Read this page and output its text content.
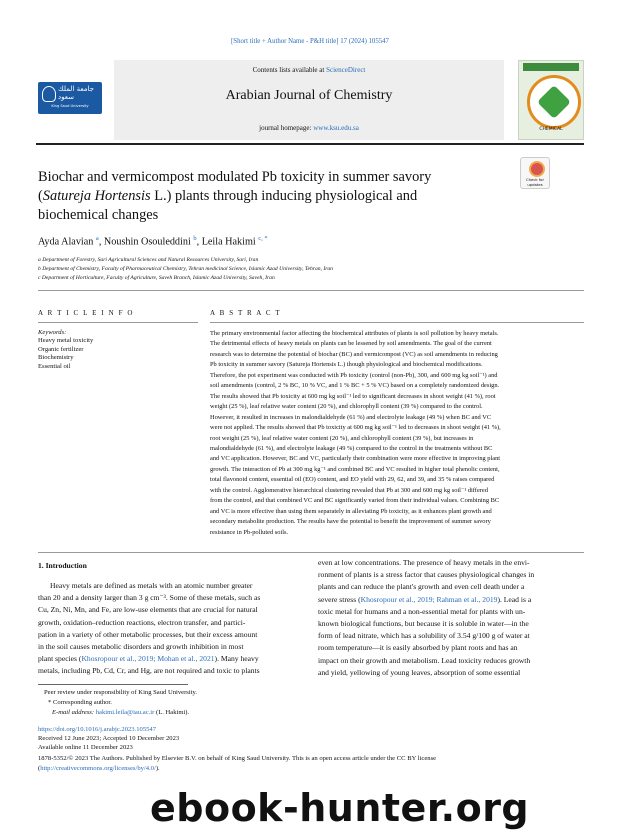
[Short title + Author Name - P&H title] 17 (2024) 105547
Contents lists available at ScienceDirect
Arabian Journal of Chemistry
journal homepage: www.ksu.edu.sa
جامعة الملك سعود
King Saud University
CHEMICAL
Check for
updates
Biochar and vermicompost modulated Pb toxicity in summer savory
(Satureja Hortensis L.) plants through inducing physiological and
biochemical changes
Ayda Alavian $^a$, Noushin Osouleddini $^b$, Leila Hakimi $^{c, *}$
a Department of Forestry, Sari Agricultural Sciences and Natural Resources University, Sari, Iran
b Department of Chemistry, Faculty of Pharmaceutical Chemistry, Tehran medicinal Science, Islamic Azad University, Tehran, Iran
c Department of Horticulture, Faculty of Agriculture, Saveh Branch, Islamic Azad University, Saveh, Iran
A R T I C L E I N F O
Keywords:
Heavy metal toxicity
Organic fertilizer
Biochemistry
Essential oil
A B S T R A C T
The primary environmental factor affecting the biochemical attributes of plants is soil pollution by heavy metals.
The detrimental effects of heavy metals on plants can be lessened by soil amendments. The goal of the current
research was to determine the potential of biochar (BC) and vermicompost (VC) as soil amendments in reducing
Pb toxicity in summer savory (Satureja Hortensis L.) though physiological and biochemical modifications.
Therefore, the pot experiment was conducted with Pb toxicity (control (non-Pb), 300, and 600 mg kg soil⁻¹) and
soil amendments (control, 2 % BC, 10 % VC, and 1 % BC + 5 % VC) based on a completely randomized design.
The results showed that Pb toxicity at 600 mg kg soil⁻¹ led to significant decreases in shoot weight (41 %), root
weight (25 %), leaf relative water content (20 %), and chlorophyll content (39 %) compared to the control.
However, it resulted in increases in malondialdehyde (61 %) and electrolyte leakage (49 %) when BC and VC
were not applied. The results showed that Pb toxicity at 600 mg kg soil⁻¹ led to decreases in shoot weight (41 %),
root weight (25 %), leaf relative water content (20 %), and chlorophyll content (39 %), but increases in
malondialdehyde (61 %), and electrolyte leakage (49 %) compared to the control in the treatments without BC
and VC application. However, BC and VC, particularly their combination were more effective in improving plant
growth. The interaction of Pb at 300 mg kg⁻¹ and combined BC and VC resulted in higher total phenolic content,
total flavonoid content, essential oil (EO) content, and EO yield with 29, 62, and 39, and 35 % raises compared
with the control. Agglomerative hierarchical clustering revealed that Pb at 300 and 600 mg kg soil⁻¹ differed
from the control, and that combined VC and BC significantly varied from their individual values. Combining BC
and VC is more effective than using them separately in alleviating Pb toxicity, as it enhances plant growth and
secondary metabolite production. The results have the potential to benefit the improvement of summer savory
resistance in Pb-polluted soils.
1. Introduction
Heavy metals are defined as metals with an atomic number greater
than 20 and a density larger than 3 g cm⁻³. Some of these metals, such as
Cu, Zn, Ni, Mn, and Fe, are low-use elements that are crucial for natural
growth, oxidation–reduction reactions, electron transfer, and partici-
pation in a variety of other metabolic processes, but their excess amount
in the soil causes metabolic disorders and growth inhibition in most
plant species (Khosropour et al., 2019; Mohan et al., 2021). Many heavy
metals, including Pb, Cd, Cr, and Hg, are not required and toxic to plants
even at low concentrations. The presence of heavy metals in the envi-
ronment of plants is a stress factor that causes physiological changes in
plants and can reduce the plant's growth and even cell death under a
severe stress (Khosropour et al., 2019; Rahman et al., 2019). Lead is a
toxic metal for humans and a non-essential metal for plants with un-
known biological functions, but because it is soluble in water—in the
form of lead nitrate, which has a solubility of 3.54 g/100 g of water at
room temperature—it is easily absorbed by plant roots and has an
impact on their growth and metabolism. Lead toxicity reduces growth
and yield, yellowing of young leaves, absorption of some essential
Peer review under responsibility of King Saud University.
* Corresponding author.
E-mail address: hakimi.leila@iau.ac.ir (L. Hakimi).
https://doi.org/10.1016/j.arabjc.2023.105547
Received 12 June 2023; Accepted 10 December 2023
Available online 11 December 2023
1878-5352/© 2023 The Authors. Published by Elsevier B.V. on behalf of King Saud University. This is an open access article under the CC BY license
(http://creativecommons.org/licenses/by/4.0/).
ebook-hunter.org
